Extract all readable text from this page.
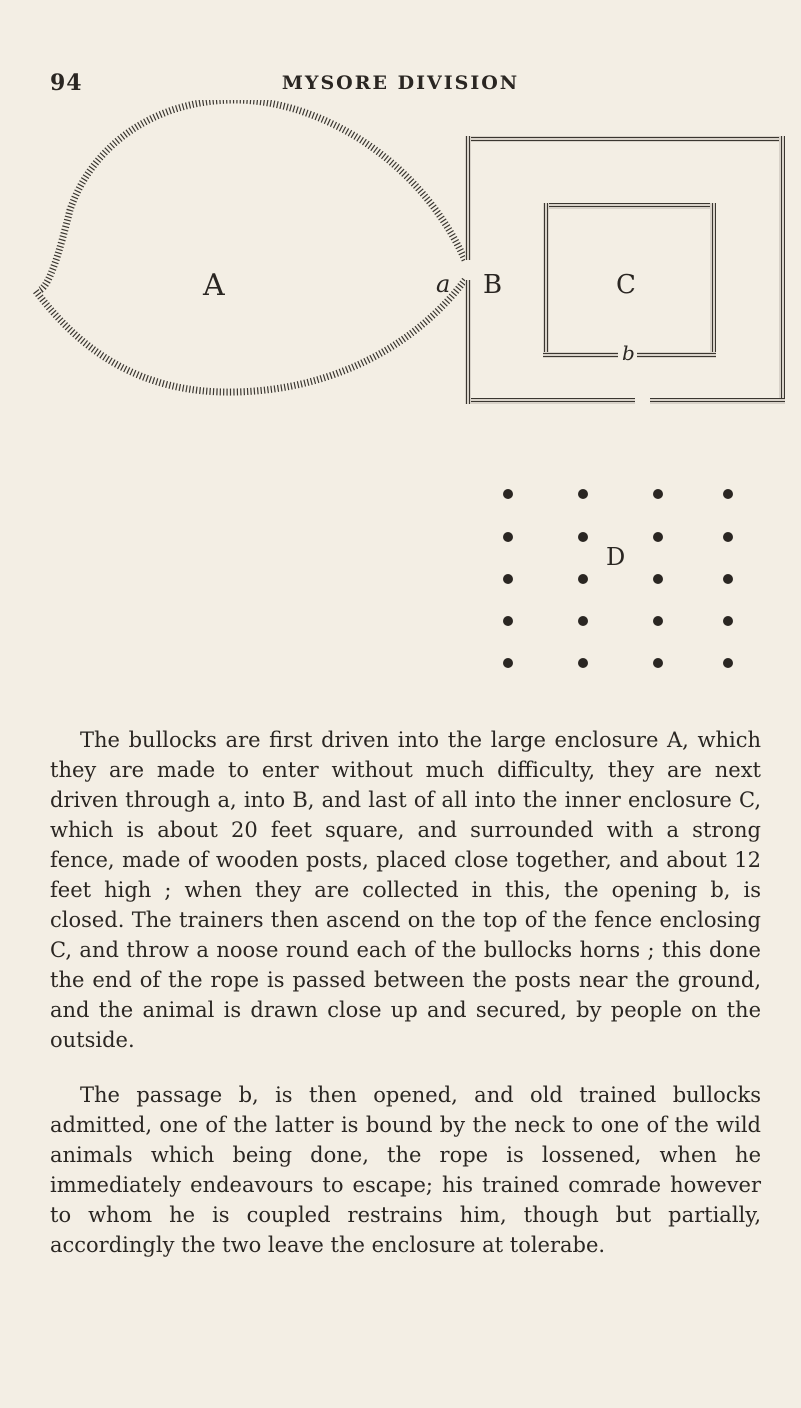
94	MYSORE DIVISION
A	a B	C
b
D

The bullocks are first driven into the large enclosure A, which they are made to enter without much difficulty, they are next driven through a, into B, and last of all into the inner enclosure C, which is about 20 feet square, and surrounded with a strong fence, made of wooden posts, placed close together, and about 12 feet high ; when they are collected in this, the opening b, is closed. The trainers then ascend on the top of the fence enclosing C, and throw a noose round each of the bullocks horns ; this done the end of the rope is passed between the posts near the ground, and the animal is drawn close up and secured, by people on the outside.

The passage b, is then opened, and old trained bullocks admitted, one of the latter is bound by the neck to one of the wild animals which being done, the rope is lossened, when he immediately endeavours to escape; his trained comrade however to whom he is coupled restrains him, though but partially, accordingly the two leave the enclosure at tolerabe.
